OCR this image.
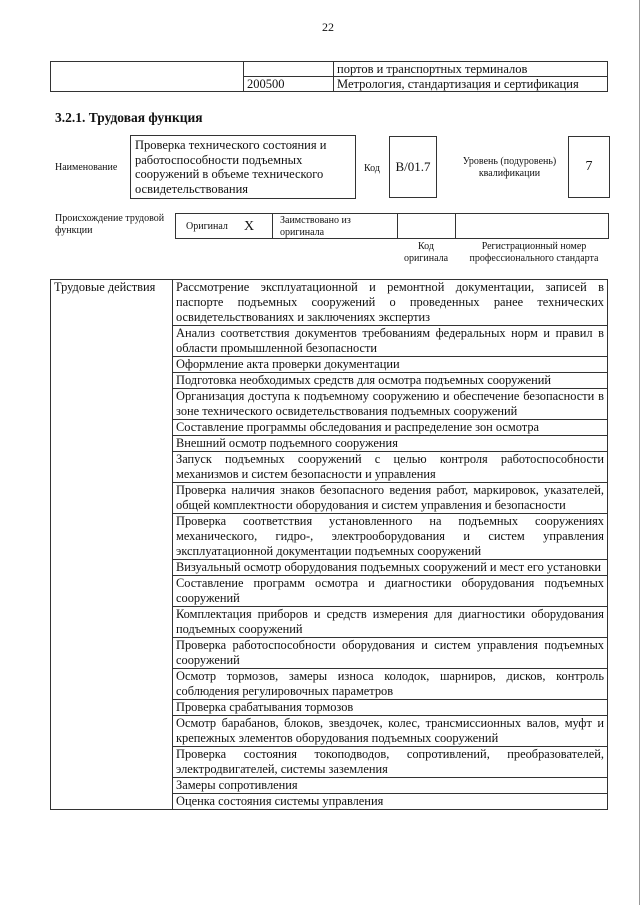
22
		портов и транспортных терминалов
	200500	Метрология, стандартизация и сертификация
3.2.1. Трудовая функция
Наименование
Проверка технического состояния и работоспособности подъемных сооружений в объеме технического освидетельствования
Код	B/01.7	Уровень (подуровень) квалификации	7
Происхождение трудовой функции	Оригинал X	Заимствовано из оригинала
Код оригинала
Регистрационный номер профессионального стандарта
Трудовые действия	Рассмотрение эксплуатационной и ремонтной документации, записей в паспорте подъемных сооружений о проведенных ранее технических освидетельствованиях и заключениях экспертиз
Анализ соответствия документов требованиям федеральных норм и правил в области промышленной безопасности
Оформление акта проверки документации
Подготовка необходимых средств для осмотра подъемных сооружений
Организация доступа к подъемному сооружению и обеспечение безопасности в зоне технического освидетельствования подъемных сооружений
Составление программы обследования и распределение зон осмотра
Внешний осмотр подъемного сооружения
Запуск подъемных сооружений с целью контроля работоспособности механизмов и систем безопасности и управления
Проверка наличия знаков безопасного ведения работ, маркировок, указателей, общей комплектности оборудования и систем управления и безопасности
Проверка соответствия установленного на подъемных сооружениях механического, гидро-, электрооборудования и систем управления эксплуатационной документации подъемных сооружений
Визуальный осмотр оборудования подъемных сооружений и мест его установки
Составление программ осмотра и диагностики оборудования подъемных сооружений
Комплектация приборов и средств измерения для диагностики оборудования подъемных сооружений
Проверка работоспособности оборудования и систем управления подъемных сооружений
Осмотр тормозов, замеры износа колодок, шарниров, дисков, контроль соблюдения регулировочных параметров
Проверка срабатывания тормозов
Осмотр барабанов, блоков, звездочек, колес, трансмиссионных валов, муфт и крепежных элементов оборудования подъемных сооружений
Проверка состояния токоподводов, сопротивлений, преобразователей, электродвигателей, системы заземления
Замеры сопротивления
Оценка состояния системы управления
